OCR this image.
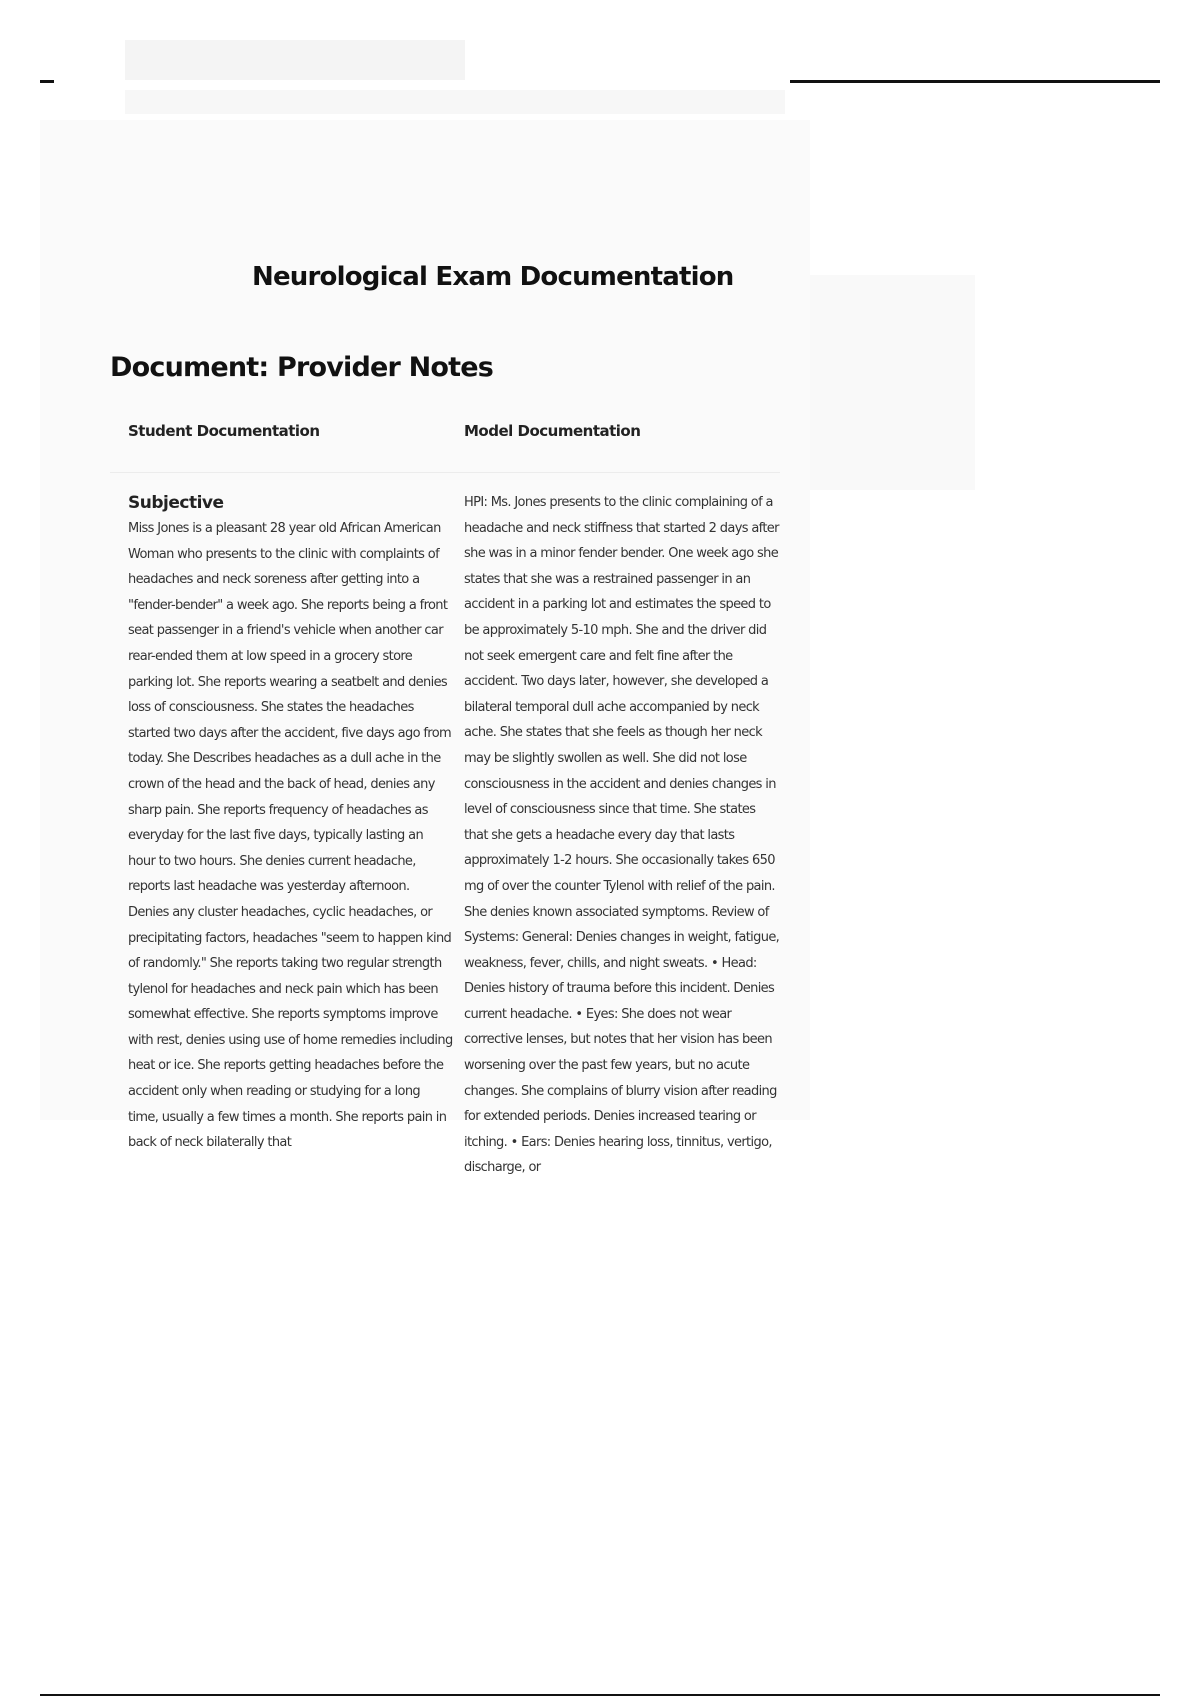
Neurological Exam Documentation
Document: Provider Notes
Student Documentation	Model Documentation
Subjective

Miss Jones is a pleasant 28 year old African American Woman who presents to the clinic with complaints of headaches and neck soreness after getting into a "fender-bender" a week ago. She reports being a front seat passenger in a friend's vehicle when another car rear-ended them at low speed in a grocery store parking lot. She reports wearing a seatbelt and denies loss of consciousness. She states the headaches started two days after the accident, five days ago from today. She Describes headaches as a dull ache in the crown of the head and the back of head, denies any sharp pain. She reports frequency of headaches as everyday for the last five days, typically lasting an hour to two hours. She denies current headache, reports last headache was yesterday afternoon. Denies any cluster headaches, cyclic headaches, or precipitating factors, headaches "seem to happen kind of randomly." She reports taking two regular strength tylenol for headaches and neck pain which has been somewhat effective. She reports symptoms improve with rest, denies using use of home remedies including heat or ice. She reports getting headaches before the accident only when reading or studying for a long time, usually a few times a month. She reports pain in back of neck bilaterally that

HPI: Ms. Jones presents to the clinic complaining of a headache and neck stiffness that started 2 days after she was in a minor fender bender. One week ago she states that she was a restrained passenger in an accident in a parking lot and estimates the speed to be approximately 5-10 mph. She and the driver did not seek emergent care and felt fine after the accident. Two days later, however, she developed a bilateral temporal dull ache accompanied by neck ache. She states that she feels as though her neck may be slightly swollen as well. She did not lose consciousness in the accident and denies changes in level of consciousness since that time. She states that she gets a headache every day that lasts approximately 1-2 hours. She occasionally takes 650 mg of over the counter Tylenol with relief of the pain. She denies known associated symptoms. Review of Systems: General: Denies changes in weight, fatigue, weakness, fever, chills, and night sweats. • Head: Denies history of trauma before this incident. Denies current headache. • Eyes: She does not wear corrective lenses, but notes that her vision has been worsening over the past few years, but no acute changes. She complains of blurry vision after reading for extended periods. Denies increased tearing or itching. • Ears: Denies hearing loss, tinnitus, vertigo, discharge, or
